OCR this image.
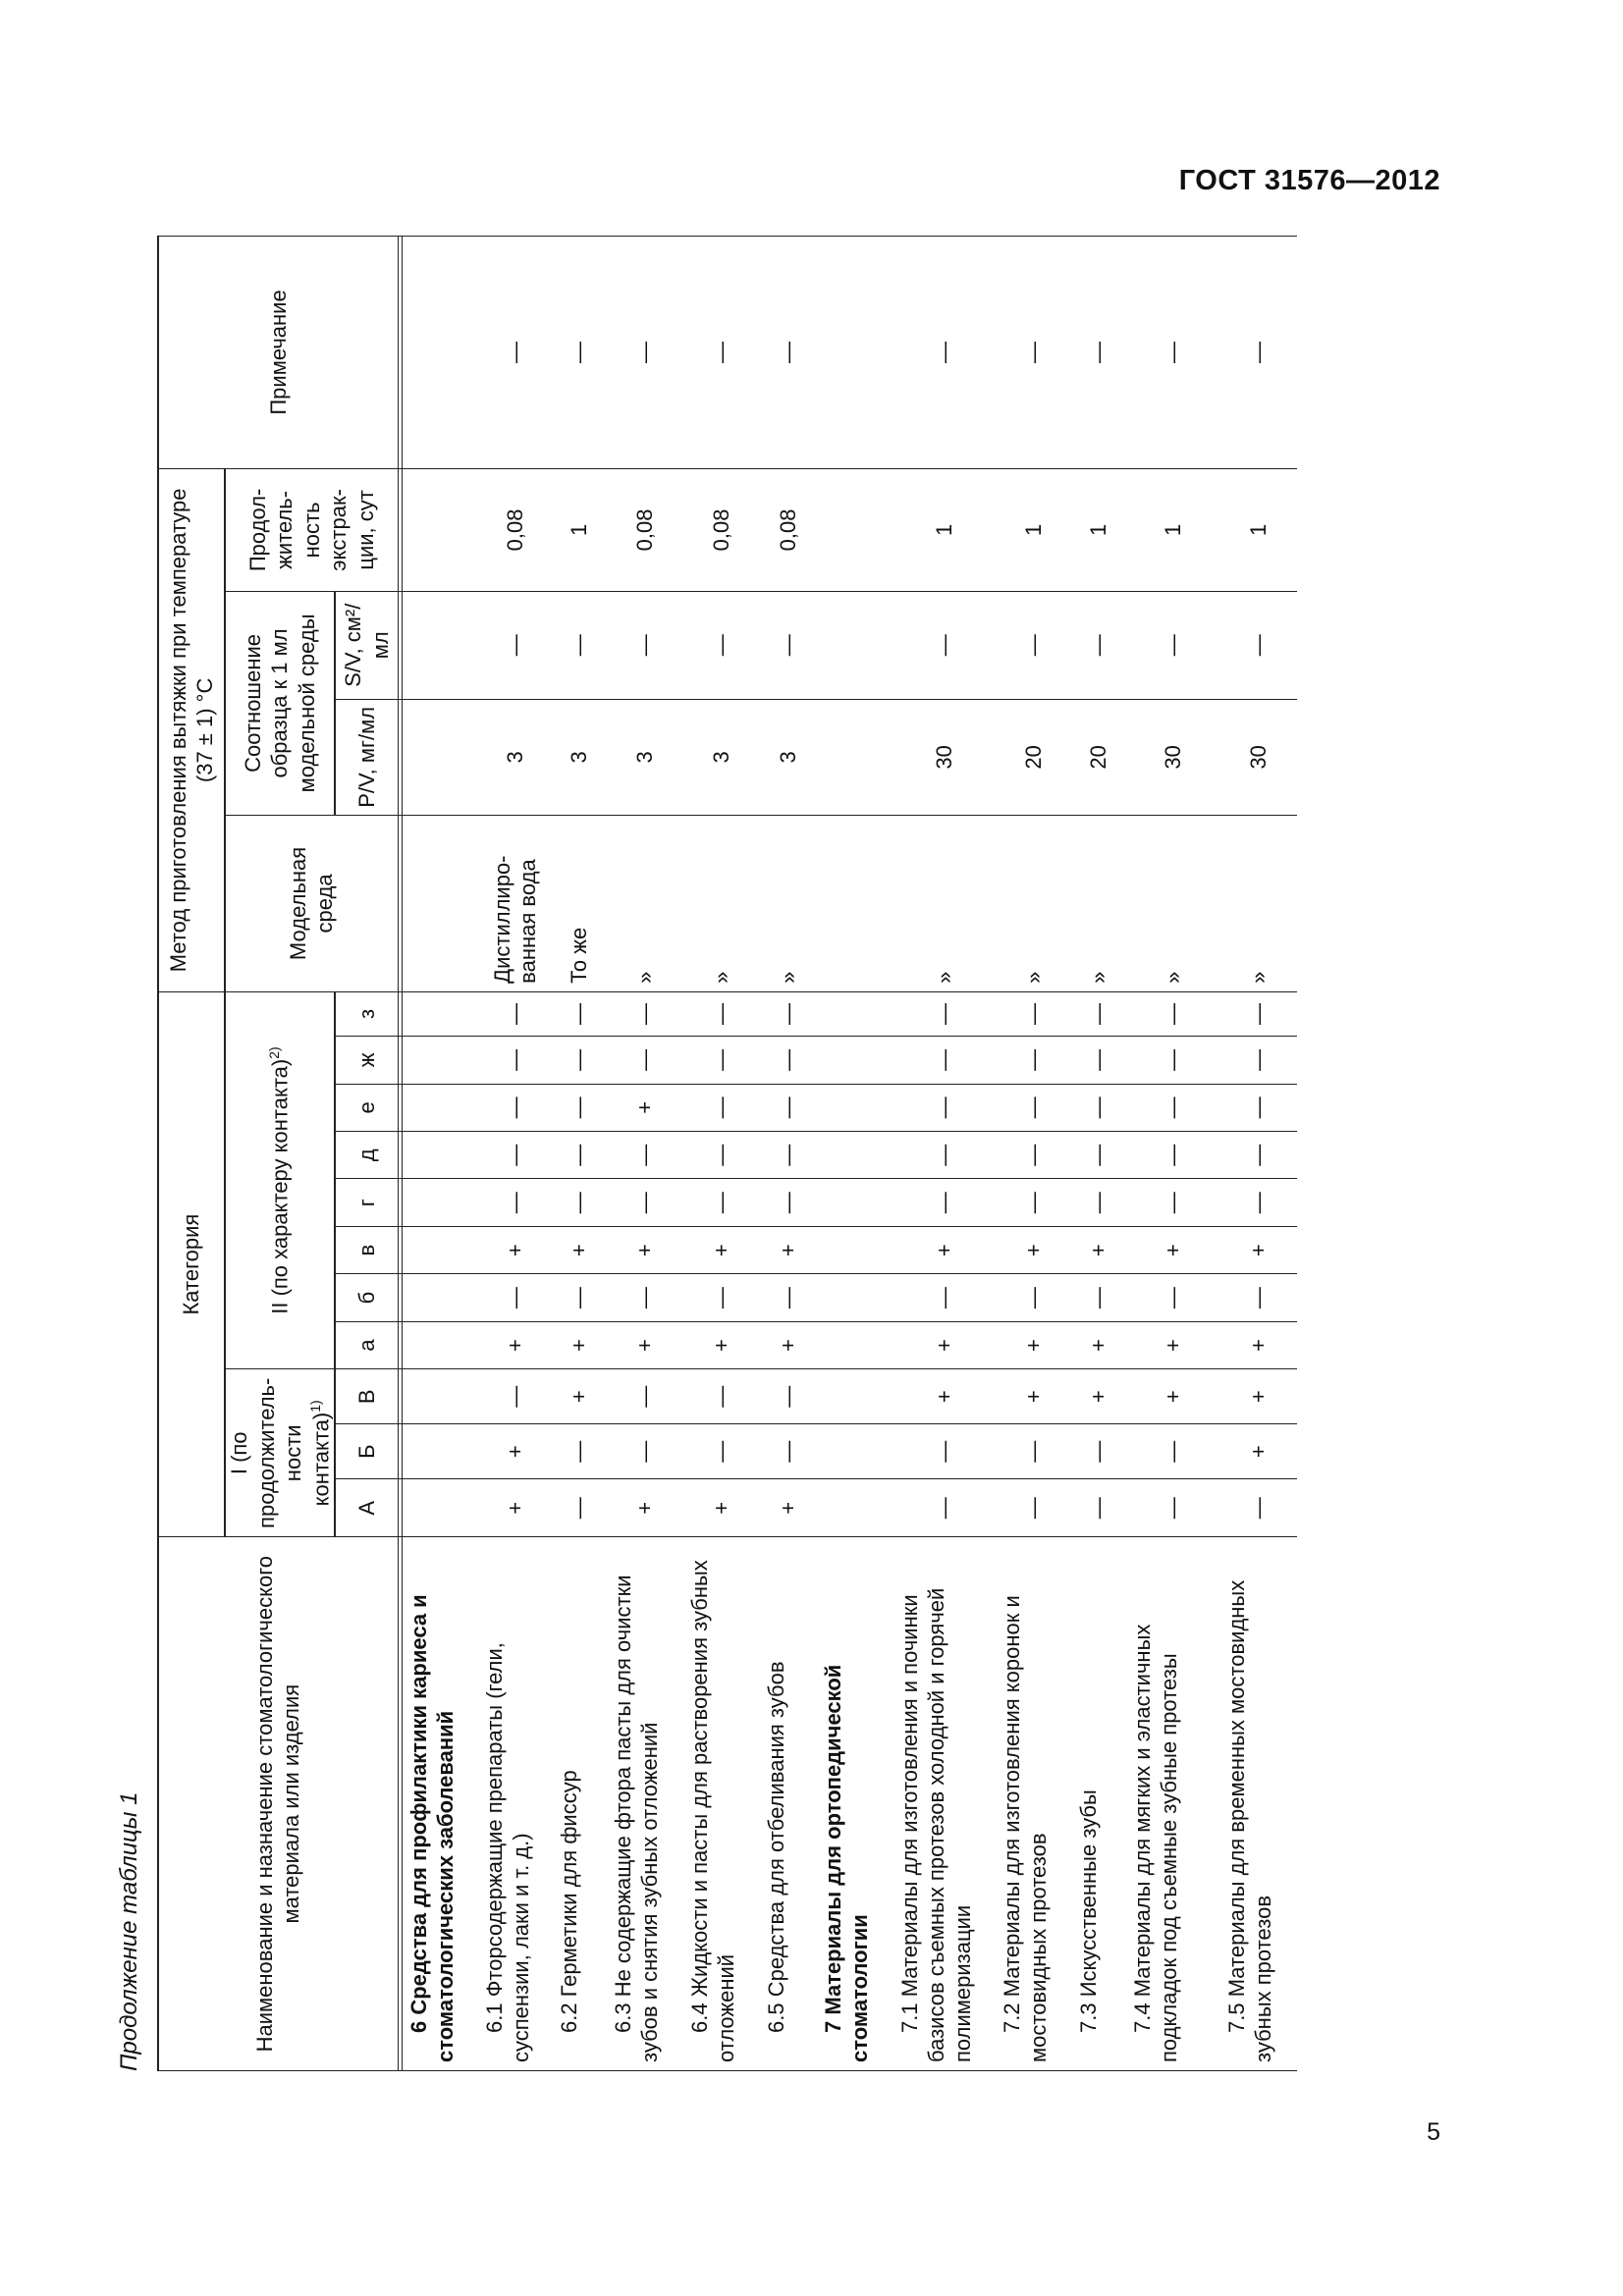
ГОСТ 31576—2012
Продолжение таблицы 1	Наименование и назначение стоматологического материала или изделия	Категория											Метод приготовления вытяжки при температуре (37 ± 1) °С				Примечание
	I (по продолжитель-ности контакта)$^{1)}$			II (по характеру контакта)$^{2)}$								Модельная среда	Соотношение образца к 1 мл модельной среды		Продол-житель-ность экстрак-ции, сут	
	А	Б	В	а	б	в	г	д	е	ж	з		P/V, мг/мл	S/V, см²/мл		

6 Средства для профилактики кариеса и стоматологических заболеваний																
6.1 Фторсодержащие препараты (гели, суспензии, лаки и т. д.)	+	+	—	+	—	+	—	—	—	—	—	Дистиллиро-ванная вода	3	—	0,08	—
6.2 Герметики для фиссур	—	—	+	+	—	+	—	—	—	—	—	То же	3	—	1	—
6.3 Не содержащие фтора пасты для очистки зубов и снятия зубных отложений	+	—	—	+	—	+	—	—	+	—	—	»	3	—	0,08	—
6.4 Жидкости и пасты для растворения зубных отложений	+	—	—	+	—	+	—	—	—	—	—	»	3	—	0,08	—
6.5 Средства для отбеливания зубов	+	—	—	+	—	+	—	—	—	—	—	»	3	—	0,08	—
7 Материалы для ортопедической стоматологии																
7.1 Материалы для изготовления и починки базисов съемных протезов холодной и горячей полимеризации	—	—	+	+	—	+	—	—	—	—	—	»	30	—	1	—
7.2 Материалы для изготовления коронок и мостовидных протезов	—	—	+	+	—	+	—	—	—	—	—	»	20	—	1	—
7.3 Искусственные зубы	—	—	+	+	—	+	—	—	—	—	—	»	20	—	1	—
7.4 Материалы для мягких и эластичных подкладок под съемные зубные протезы	—	—	+	+	—	+	—	—	—	—	—	»	30	—	1	—
7.5 Материалы для временных мостовидных зубных протезов	—	+	+	+	—	+	—	—	—	—	—	»	30	—	1	—
5
